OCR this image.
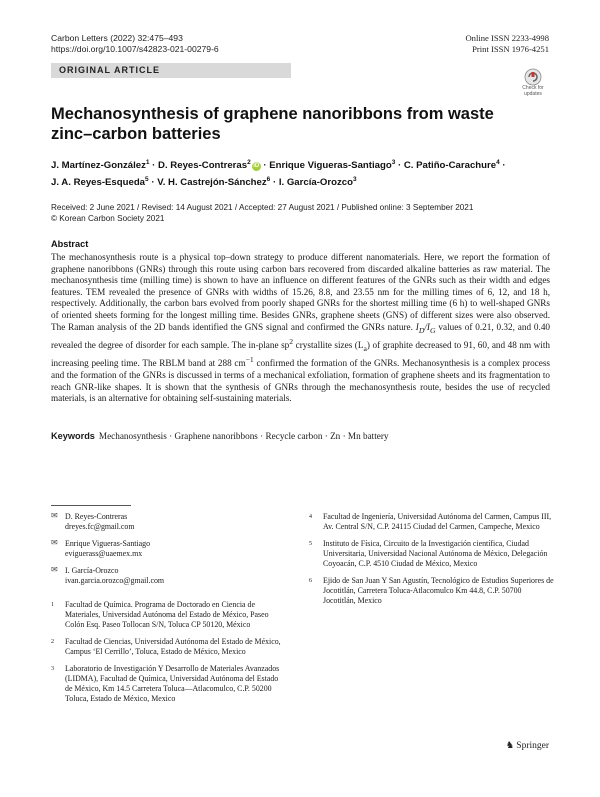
Carbon Letters (2022) 32:475–493
https://doi.org/10.1007/s42823-021-00279-6
Online ISSN 2233-4998
Print ISSN 1976-4251
ORIGINAL ARTICLE
Check for
updates
Mechanosynthesis of graphene nanoribbons from waste zinc–carbon batteries
J. Martínez‑González$^1$ · D. Reyes‑Contreras$^2$iD · Enrique Vigueras‑Santiago$^3$ · C. Patiño‑Carachure$^4$ ·
J. A. Reyes‑Esqueda$^5$ · V. H. Castrejón‑Sánchez$^6$ · I. García‑Orozco$^3$
Received: 2 June 2021 / Revised: 14 August 2021 / Accepted: 27 August 2021 / Published online: 3 September 2021
© Korean Carbon Society 2021
Abstract

The mechanosynthesis route is a physical top–down strategy to produce different nanomaterials. Here, we report the formation of graphene nanoribbons (GNRs) through this route using carbon bars recovered from discarded alkaline batteries as raw material. The mechanosynthesis time (milling time) is shown to have an influence on different features of the GNRs such as their width and edges features. TEM revealed the presence of GNRs with widths of 15.26, 8.8, and 23.55 nm for the milling times of 6, 12, and 18 h, respectively. Additionally, the carbon bars evolved from poorly shaped GNRs for the shortest milling time (6 h) to well-shaped GNRs of oriented sheets forming for the longest milling time. Besides GNRs, graphene sheets (GNS) of different sizes were also observed. The Raman analysis of the 2D bands identified the GNS signal and confirmed the GNRs nature. $I_D/I_G$ values of 0.21, 0.32, and 0.40 revealed the degree of disorder for each sample. The in-plane $sp^2$ crystallite sizes $(L_a)$ of graphite decreased to 91, 60, and 48 nm with increasing peeling time. The RBLM band at 288 $cm^{-1}$ confirmed the formation of the GNRs. Mechanosynthesis is a complex process and the formation of the GNRs is discussed in terms of a mechanical exfoliation, formation of graphene sheets and its fragmentation to reach GNR-like shapes. It is shown that the synthesis of GNRs through the mechanosynthesis route, besides the use of recycled materials, is an alternative for obtaining self-sustaining materials.

Keywords Mechanosynthesis · Graphene nanoribbons · Recycle carbon · Zn · Mn battery
✉ D. Reyes‑Contreras
dreyes.fc@gmail.com
✉ Enrique Vigueras‑Santiago
eviguerass@uaemex.mx
✉ I. García‑Orozco
ivan.garcia.orozco@gmail.com
1 Facultad de Química. Programa de Doctorado en Ciencia de Materiales, Universidad Autónoma del Estado de México, Paseo Colón Esq. Paseo Tollocan S/N, Toluca CP 50120, México
2 Facultad de Ciencias, Universidad Autónoma del Estado de México, Campus ‘El Cerrillo’, Toluca, Estado de México, Mexico
3 Laboratorio de Investigación Y Desarrollo de Materiales Avanzados (LIDMA), Facultad de Química, Universidad Autónoma del Estado de México, Km 14.5 Carretera Toluca—Atlacomulco, C.P. 50200 Toluca, Estado de México, Mexico
4 Facultad de Ingeniería, Universidad Autónoma del Carmen, Campus III, Av. Central S/N, C.P. 24115 Ciudad del Carmen, Campeche, Mexico
5 Instituto de Física, Circuito de la Investigación científica, Ciudad Universitaria, Universidad Nacional Autónoma de México, Delegación Coyoacán, C.P. 4510 Ciudad de México, Mexico
6 Ejido de San Juan Y San Agustín, Tecnológico de Estudios Superiores de Jocotitlán, Carretera Toluca-Atlacomulco Km 44.8, C.P. 50700 Jocotitlán, Mexico
♞ Springer
